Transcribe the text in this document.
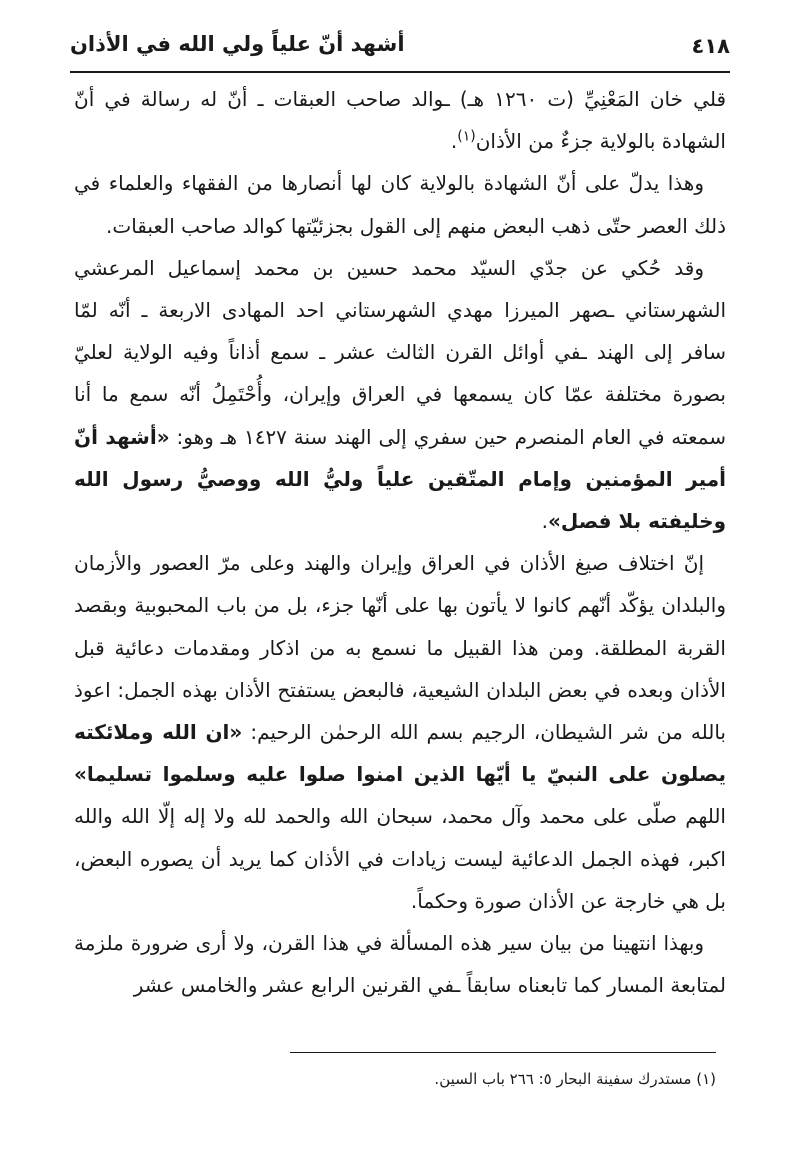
٤١٨
أشهد أنّ علياً ولي الله في الأذان

قلي خان المَعْنِيِّ (ت ١٢٦٠ هـ) ـوالد صاحب العبقات ـ أنّ له رسالة في أنّ الشهادة بالولاية جزءٌ من الأذان$^{(١)}$.

وهذا يدلّ على أنّ الشهادة بالولاية كان لها أنصارها من الفقهاء والعلماء في ذلك العصر حتّى ذهب البعض منهم إلى القول بجزئيّتها كوالد صاحب العبقات.

وقد حُكي عن جدّي السيّد محمد حسين بن محمد إسماعيل المرعشي الشهرستاني ـصهر الميرزا مهدي الشهرستاني احد المهادى الاربعة ـ أنّه لمّا سافر إلى الهند ـفي أوائل القرن الثالث عشر ـ سمع أذاناً وفيه الولاية لعليّ بصورة مختلفة عمّا كان يسمعها في العراق وإيران، وأُحْتَمِلُ أنّه سمع ما أنا سمعته في العام المنصرم حين سفري إلى الهند سنة ١٤٢٧ هـ وهو: «أشهد أنّ أمير المؤمنين وإمام المتّقين علياً وليُّ الله ووصيُّ رسول الله وخليفته بلا فصل».

إنّ اختلاف صيغ الأذان في العراق وإيران والهند وعلى مرّ العصور والأزمان والبلدان يؤكّد أنّهم كانوا لا يأتون بها على أنّها جزء، بل من باب المحبوبية وبقصد القربة المطلقة. ومن هذا القبيل ما نسمع به من اذكار ومقدمات دعائية قبل الأذان وبعده في بعض البلدان الشيعية، فالبعض يستفتح الأذان بهذه الجمل: اعوذ بالله من شر الشيطان، الرجيم بسم الله الرحمٰن الرحيم: «ان الله وملائكته يصلون على النبيّ يا أيّها الذين امنوا صلوا عليه وسلموا تسليما» اللهم صلّى على محمد وآل محمد، سبحان الله والحمد لله ولا إله إلّا الله والله اكبر، فهذه الجمل الدعائية ليست زيادات في الأذان كما يريد أن يصوره البعض، بل هي خارجة عن الأذان صورة وحكماً.

وبهذا انتهينا من بيان سير هذه المسألة في هذا القرن، ولا أرى ضرورة ملزمة لمتابعة المسار كما تابعناه سابقاً ـفي القرنين الرابع عشر والخامس عشر

(١) مستدرك سفينة البحار ٥: ٢٦٦ باب السين.
